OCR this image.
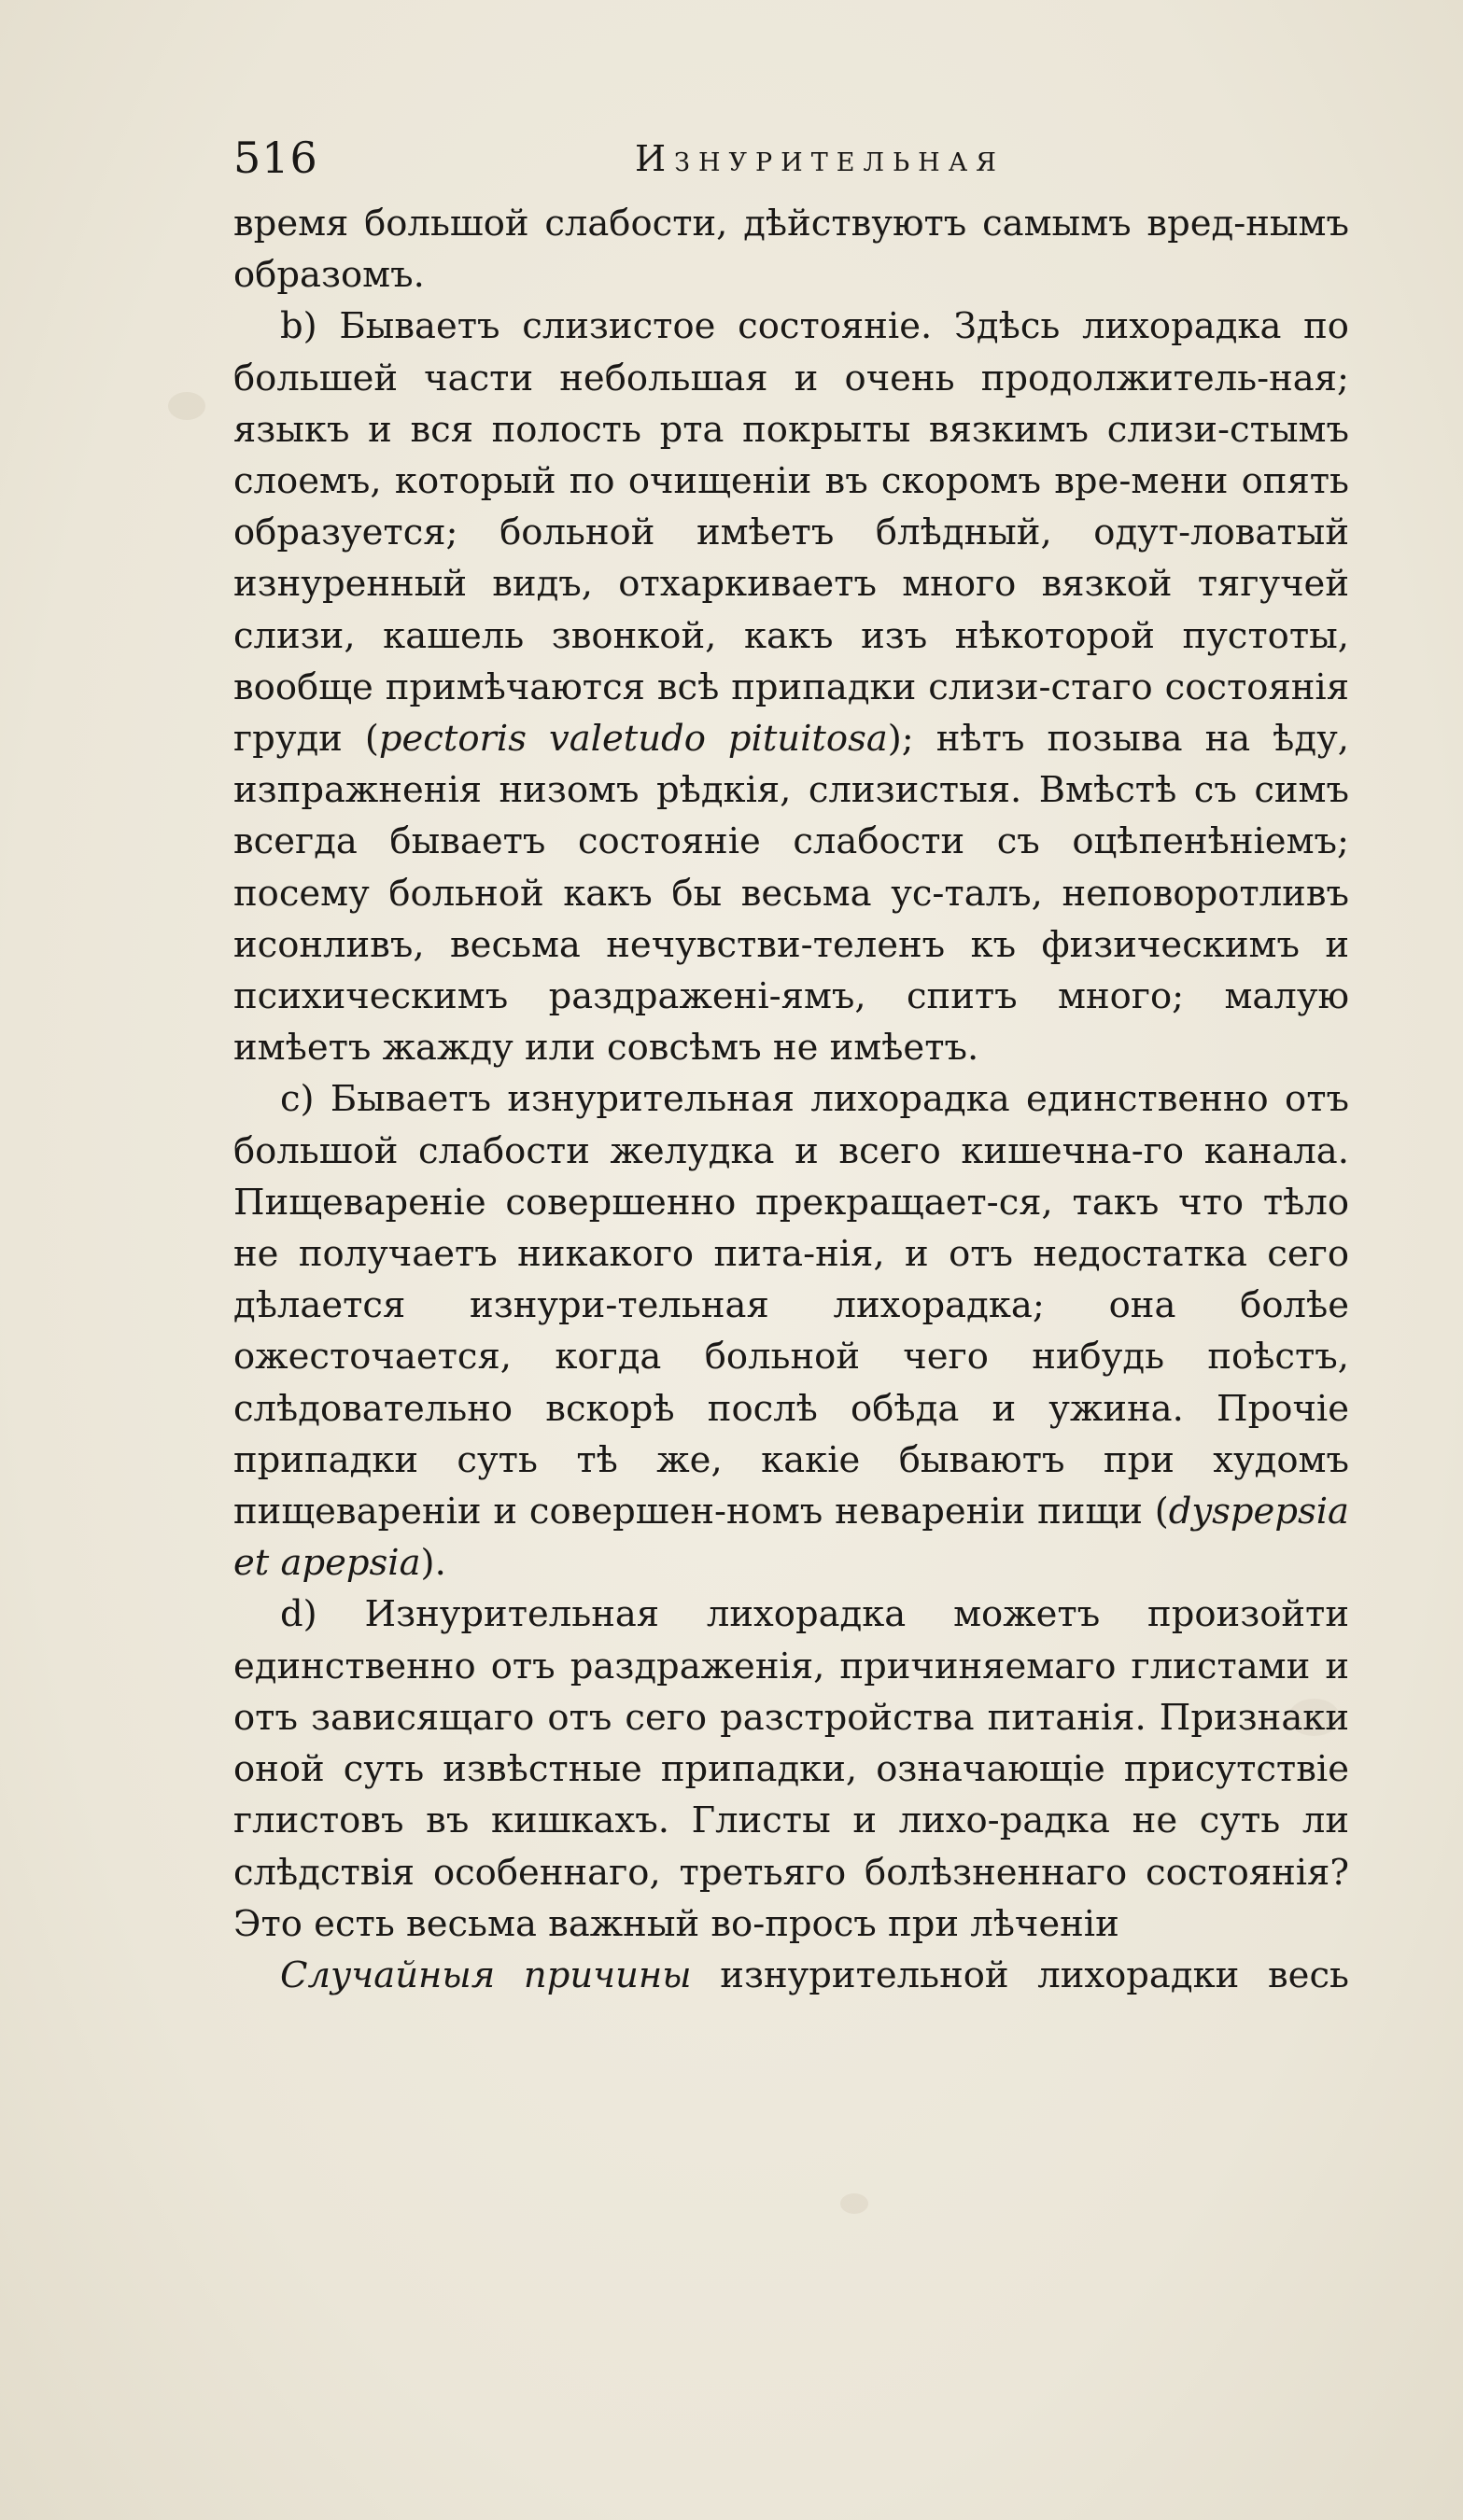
516	Изнурительная

время большой слабости, дѣйствуютъ самымъ вред-нымъ образомъ.

b) Бываетъ слизистое состояніе. Здѣсь лихорадка по большей части небольшая и очень продолжитель-ная; языкъ и вся полость рта покрыты вязкимъ слизи-стымъ слоемъ, который по очищеніи въ скоромъ вре-мени опять образуется; больной имѣетъ блѣдный, одут-ловатый изнуренный видъ, отхаркиваетъ много вязкой тягучей слизи, кашель звонкой, какъ изъ нѣкоторой пустоты, вообще примѣчаются всѣ припадки слизи-стаго состоянія груди (pectoris valetudo pituitosa); нѣтъ позыва на ѣду, изпражненія низомъ рѣдкія, слизистыя. Вмѣстѣ съ симъ всегда бываетъ состояніе слабости съ оцѣпенѣніемъ; посему больной какъ бы весьма ус-талъ, неповоротливъ исонливъ, весьма нечувстви-теленъ къ физическимъ и психическимъ раздраженi-ямъ, спитъ много; малую имѣетъ жажду или совсѣмъ не имѣетъ.

c) Бываетъ изнурительная лихорадка единственно отъ большой слабости желудка и всего кишечна-го канала. Пищевареніе совершенно прекращает-ся, такъ что тѣло не получаетъ никакого пита-нія, и отъ недостатка сего дѣлается изнури-тельная лихорадка; она болѣе ожесточается, когда больной чего нибудь поѣстъ, слѣдовательно вскорѣ послѣ обѣда и ужина. Прочіе припадки суть тѣ же, какіе бываютъ при худомъ пищевареніи и совершен-номъ невареніи пищи (dyspepsia et apepsia).

d) Изнурительная лихорадка можетъ произойти единственно отъ раздраженія, причиняемаго глистами и отъ зависящаго отъ сего разстройства питанія. Признаки оной суть извѣстные припадки, означающіе присутствіе глистовъ въ кишкахъ. Глисты и лихо-радка не суть ли слѣдствія особеннаго, третьяго болѣзненнаго состоянія? Это есть весьма важный во-просъ при лѣченіи

Случайныя причины изнурительной лихорадки весь
